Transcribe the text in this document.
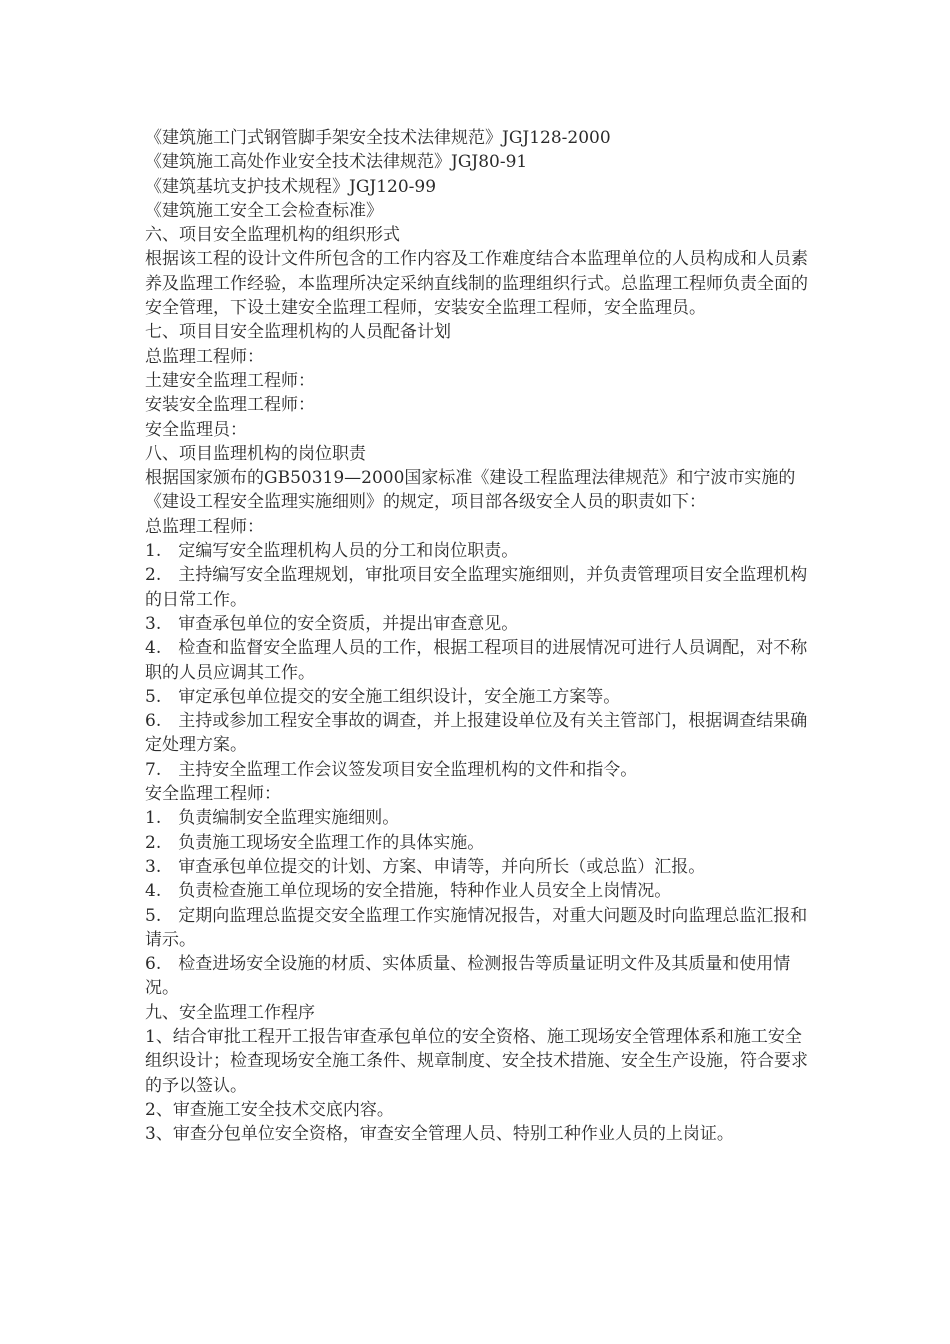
《建筑施工门式钢管脚手架安全技术法律规范》JGJ128-2000

《建筑施工高处作业安全技术法律规范》JGJ80-91

《建筑基坑支护技术规程》JGJ120-99

《建筑施工安全工会检查标准》

六、项目安全监理机构的组织形式

根据该工程的设计文件所包含的工作内容及工作难度结合本监理单位的人员构成和人员素养及监理工作经验，本监理所决定采纳直线制的监理组织行式。总监理工程师负责全面的安全管理，下设土建安全监理工程师，安装安全监理工程师，安全监理员。

七、项目目安全监理机构的人员配备计划

总监理工程师：

土建安全监理工程师：

安装安全监理工程师：

安全监理员：

八、项目监理机构的岗位职责

根据国家颁布的GB50319—2000国家标准《建设工程监理法律规范》和宁波市实施的《建设工程安全监理实施细则》的规定，项目部各级安全人员的职责如下：

总监理工程师：

1.　定编写安全监理机构人员的分工和岗位职责。

2.　主持编写安全监理规划，审批项目安全监理实施细则，并负责管理项目安全监理机构的日常工作。

3.　审查承包单位的安全资质，并提出审查意见。

4.　检查和监督安全监理人员的工作，根据工程项目的进展情况可进行人员调配，对不称职的人员应调其工作。

5.　审定承包单位提交的安全施工组织设计，安全施工方案等。

6.　主持或参加工程安全事故的调查，并上报建设单位及有关主管部门，根据调查结果确定处理方案。

7.　主持安全监理工作会议签发项目安全监理机构的文件和指令。

安全监理工程师：

1.　负责编制安全监理实施细则。

2.　负责施工现场安全监理工作的具体实施。

3.　审查承包单位提交的计划、方案、申请等，并向所长（或总监）汇报。

4.　负责检查施工单位现场的安全措施，特种作业人员安全上岗情况。

5.　定期向监理总监提交安全监理工作实施情况报告，对重大问题及时向监理总监汇报和请示。

6.　检查进场安全设施的材质、实体质量、检测报告等质量证明文件及其质量和使用情况。

九、安全监理工作程序

1、结合审批工程开工报告审查承包单位的安全资格、施工现场安全管理体系和施工安全组织设计；检查现场安全施工条件、规章制度、安全技术措施、安全生产设施，符合要求的予以签认。

2、审查施工安全技术交底内容。

3、审查分包单位安全资格，审查安全管理人员、特别工种作业人员的上岗证。
